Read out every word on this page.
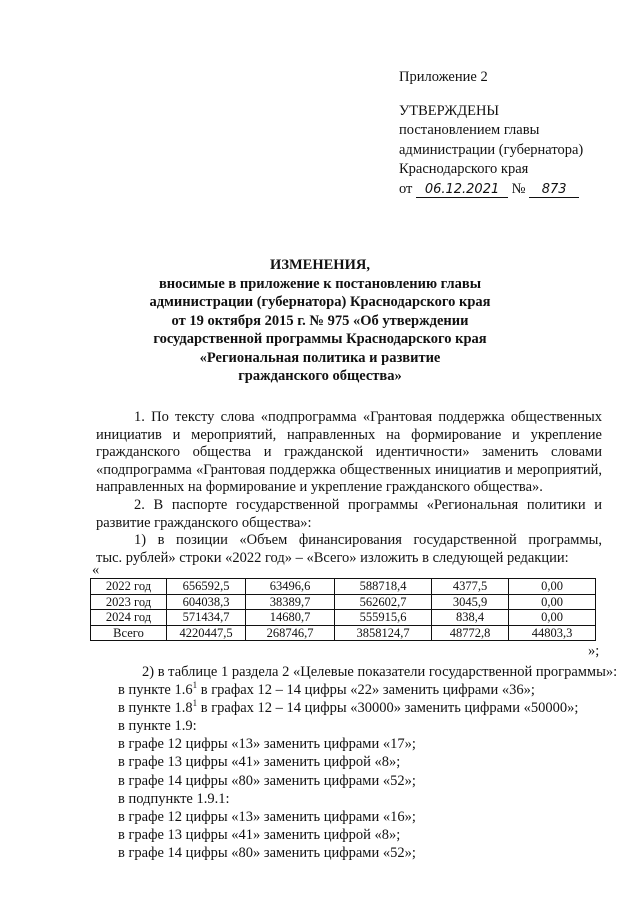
Приложение 2
УТВЕРЖДЕНЫ
постановлением главы
администрации (губернатора)
Краснодарского края
от 06.12.2021 № 873
ИЗМЕНЕНИЯ,
вносимые в приложение к постановлению главы
администрации (губернатора) Краснодарского края
от 19 октября 2015 г. № 975 «Об утверждении
государственной программы Краснодарского края
«Региональная политика и развитие
гражданского общества»
1. По тексту слова «подпрограмма «Грантовая поддержка общественных
инициатив и мероприятий, направленных на формирование и укрепление
гражданского общества и гражданской идентичности» заменить словами
«подпрограмма «Грантовая поддержка общественных инициатив и мероприятий,
направленных на формирование и укрепление гражданского общества».
2. В паспорте государственной программы «Региональная политики и
развитие гражданского общества»:
1) в позиции «Объем финансирования государственной программы,
тыс. рублей» строки «2022 год» – «Всего» изложить в следующей редакции:
«
2022 год	656592,5	63496,6	588718,4	4377,5	0,00
2023 год	604038,3	38389,7	562602,7	3045,9	0,00
2024 год	571434,7	14680,7	555915,6	838,4	0,00
Всего	4220447,5	268746,7	3858124,7	48772,8	44803,3
»;
2) в таблице 1 раздела 2 «Целевые показатели государственной программы»:
в пункте $1.6^1$ в графах 12 – 14 цифры «22» заменить цифрами «36»;
в пункте $1.8^1$ в графах 12 – 14 цифры «30000» заменить цифрами «50000»;
в пункте 1.9:
в графе 12 цифры «13» заменить цифрами «17»;
в графе 13 цифры «41» заменить цифрой «8»;
в графе 14 цифры «80» заменить цифрами «52»;
в подпункте 1.9.1:
в графе 12 цифры «13» заменить цифрами «16»;
в графе 13 цифры «41» заменить цифрой «8»;
в графе 14 цифры «80» заменить цифрами «52»;
